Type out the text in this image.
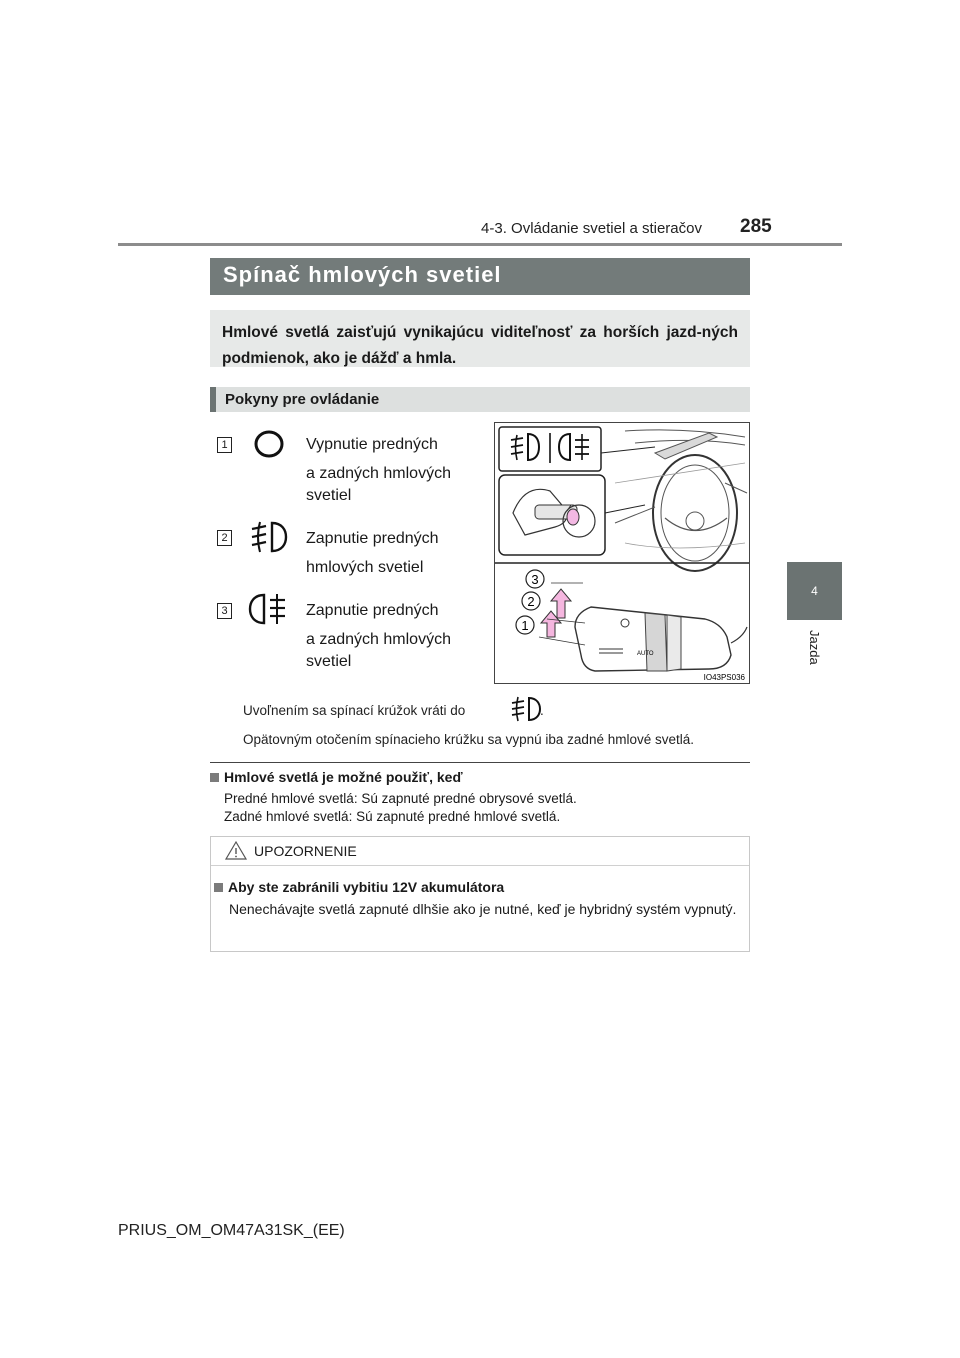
4-3. Ovládanie svetiel a stieračov 285
4
Jazda
Spínač hmlových svetiel
Hmlové svetlá zaisťujú vynikajúcu viditeľnosť za horších jazd-ných podmienok, ako je dážď a hmla.
Pokyny pre ovládanie
1	Vypnutie predných
a zadných hmlových svetiel
2	Zapnutie predných
hmlových svetiel
3	Zapnutie predných
a zadných hmlových svetiel
3
2
1
AUTO
IO43PS036
Uvoľnením sa spínací krúžok vráti do	.
Opätovným otočením spínacieho krúžku sa vypnú iba zadné hmlové svetlá.
Hmlové svetlá je možné použiť, keď
Predné hmlové svetlá: Sú zapnuté predné obrysové svetlá.
Zadné hmlové svetlá: Sú zapnuté predné hmlové svetlá.
UPOZORNENIE
Aby ste zabránili vybitiu 12V akumulátora
Nenechávajte svetlá zapnuté dlhšie ako je nutné, keď je hybridný systém vypnutý.
PRIUS_OM_OM47A31SK_(EE)
